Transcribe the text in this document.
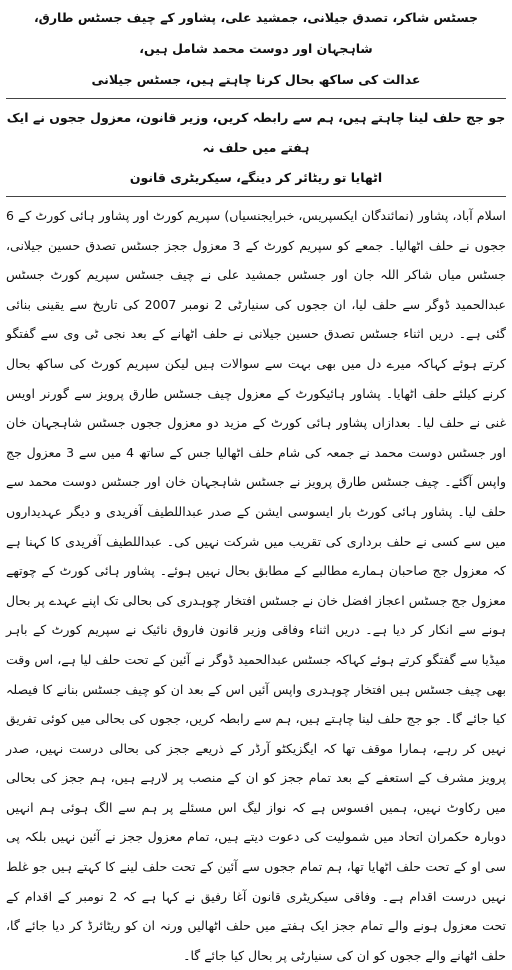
جسٹس شاکر، تصدق جیلانی، جمشید علی، پشاور کے چیف جسٹس طارق، شاہجہان اور دوست محمد شامل ہیں،
عدالت کی ساکھ بحال کرنا چاہتے ہیں، جسٹس جیلانی
جو جج حلف لینا چاہتے ہیں، ہم سے رابطہ کریں، وزیر قانون، معزول ججوں نے ایک ہفتے میں حلف نہ
اٹھایا تو ریٹائر کر دینگے، سیکریٹری قانون

اسلام آباد، پشاور (نمائندگان ایکسپریس، خبرایجنسیاں) سپریم کورٹ اور پشاور ہائی کورٹ کے 6 ججوں نے حلف اٹھالیا۔ جمعے کو سپریم کورٹ کے 3 معزول ججز جسٹس تصدق حسین جیلانی، جسٹس میاں شاکر اللہ جان اور جسٹس جمشید علی نے چیف جسٹس سپریم کورٹ جسٹس عبدالحمید ڈوگر سے حلف لیا، ان ججوں کی سنیارٹی 2 نومبر 2007 کی تاریخ سے یقینی بنائی گئی ہے۔ دریں اثناء جسٹس تصدق حسین جیلانی نے حلف اٹھانے کے بعد نجی ٹی وی سے گفتگو کرتے ہوئے کہاکہ میرے دل میں بھی بہت سے سوالات ہیں لیکن سپریم کورٹ کی ساکھ بحال کرنے کیلئے حلف اٹھایا۔ پشاور ہائیکورٹ کے معزول چیف جسٹس طارق پرویز سے گورنر اویس غنی نے حلف لیا۔ بعدازاں پشاور ہائی کورٹ کے مزید دو معزول ججوں جسٹس شاہجہان خان اور جسٹس دوست محمد نے جمعہ کی شام حلف اٹھالیا جس کے ساتھ 4 میں سے 3 معزول جج واپس آگئے۔ چیف جسٹس طارق پرویز نے جسٹس شاہجہان خان اور جسٹس دوست محمد سے حلف لیا۔ پشاور ہائی کورٹ بار ایسوسی ایشن کے صدر عبداللطیف آفریدی و دیگر عہدیداروں میں سے کسی نے حلف برداری کی تقریب میں شرکت نہیں کی۔ عبداللطیف آفریدی کا کہنا ہے کہ معزول جج صاحبان ہمارے مطالبے کے مطابق بحال نہیں ہوئے۔ پشاور ہائی کورٹ کے چوتھے معزول جج جسٹس اعجاز افضل خان نے جسٹس افتخار چوہدری کی بحالی تک اپنے عہدے پر بحال ہونے سے انکار کر دیا ہے۔ دریں اثناء وفاقی وزیر قانون فاروق نائیک نے سپریم کورٹ کے باہر میڈیا سے گفتگو کرتے ہوئے کہاکہ جسٹس عبدالحمید ڈوگر نے آئین کے تحت حلف لیا ہے، اس وقت بھی چیف جسٹس ہیں افتخار چوہدری واپس آئیں اس کے بعد ان کو چیف جسٹس بنانے کا فیصلہ کیا جائے گا۔ جو جج حلف لینا چاہتے ہیں، ہم سے رابطہ کریں، ججوں کی بحالی میں کوئی تفریق نہیں کر رہے، ہمارا موقف تھا کہ ایگزیکٹو آرڈر کے ذریعے ججز کی بحالی درست نہیں، صدر پرویز مشرف کے استعفے کے بعد تمام ججز کو ان کے منصب پر لارہے ہیں، ہم ججز کی بحالی میں رکاوٹ نہیں، ہمیں افسوس ہے کہ نواز لیگ اس مسئلے پر ہم سے الگ ہوئی ہم انہیں دوبارہ حکمران اتحاد میں شمولیت کی دعوت دیتے ہیں، تمام معزول ججز نے آئین نہیں بلکہ پی سی او کے تحت حلف اٹھایا تھا، ہم تمام ججوں سے آئین کے تحت حلف لینے کا کہتے ہیں جو غلط نہیں درست اقدام ہے۔ وفاقی سیکریٹری قانون آغا رفیق نے کہا ہے کہ 2 نومبر کے اقدام کے تحت معزول ہونے والے تمام ججز ایک ہفتے میں حلف اٹھالیں ورنہ ان کو ریٹائرڈ کر دیا جائے گا، حلف اٹھانے والے ججوں کو ان کی سنیارٹی پر بحال کیا جائے گا۔
